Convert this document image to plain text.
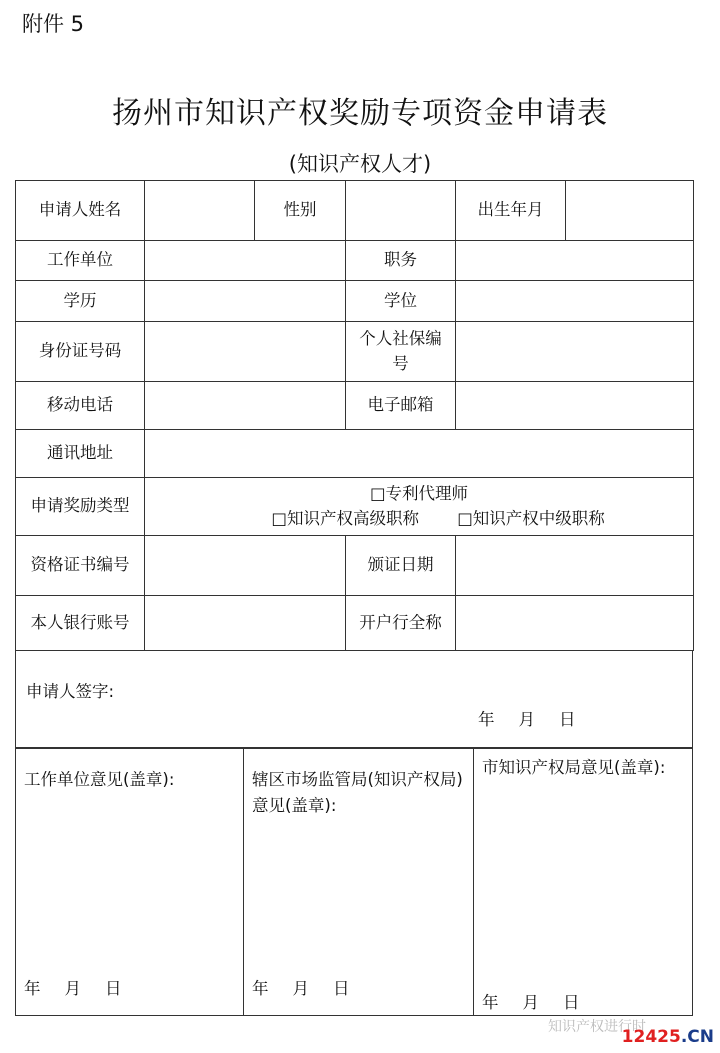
附件 5
扬州市知识产权奖励专项资金申请表
(知识产权人才)
申请人姓名		性别		出生年月	
工作单位			职务		
学历			学位		
身份证号码			个人社保编号		
移动电话			电子邮箱		
通讯地址					
申请奖励类型	□专利代理师
□知识产权高级职称 □知识产权中级职称				

资格证书编号			颁证日期		
本人银行账号			开户行全称		
申请人签字:
年 月 日
工作单位意见(盖章):
年 月 日
辖区市场监管局(知识产权局)意见(盖章):
年 月 日
市知识产权局意见(盖章):
年 月 日
知识产权进行时
12425.CN
